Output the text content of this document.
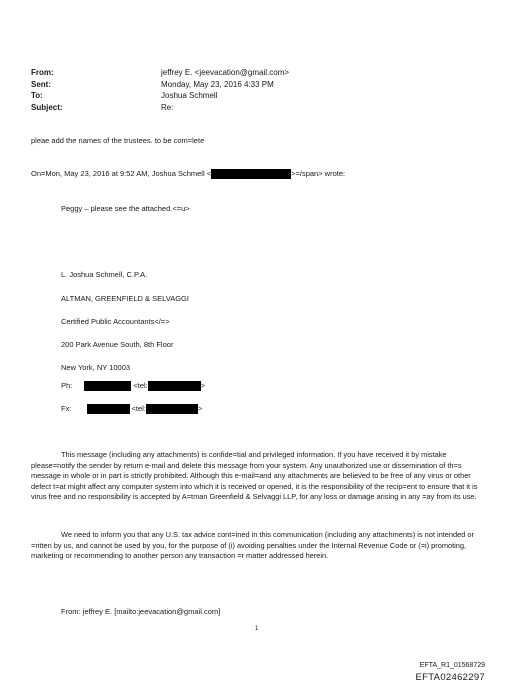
From:	jeffrey E. <jeevacation@gmail.com>
Sent:	Monday, May 23, 2016 4:33 PM
To:	Joshua Schmell
Subject:	Re:
pleae add the names of the trustees. to be com=lete
On=Mon, May 23, 2016 at 9:52 AM, Joshua Schmell <	>=/span> wrote:
Peggy – please see the attached.<=u>
L. Joshua Schmell, C.P.A.
ALTMAN, GREENFIELD & SELVAGGI
Certified Public Accountants</=>
200 Park Avenue South, 8th Floor
New York, NY 10003
Ph:	<tel:	>
Fx:	<tel:	>
This message (including any attachments) is confide=tial and privileged information. If you have received it by mistake please=notify the sender by return e-mail and delete this message from your system. Any unauthorized use or dissemination of th=s message in whole or in part is strictly prohibited. Although this e-mail=and any attachments are believed to be free of any virus or other defect t=at might affect any computer system into which it is received or opened, it is the responsibility of the recip=ent to ensure that it is virus free and no responsibility is accepted by A=tman Greenfield & Selvaggi LLP, for any loss or damage arising in any =ay from its use.
We need to inform you that any U.S. tax advice cont=ined in this communication (including any attachments) is not intended or =ritten by us, and cannot be used by you, for the purpose of (i) avoiding penalties under the Internal Revenue Code or (=i) promoting, marketing or recommending to another person any transaction =r matter addressed herein.
From: jeffrey E. [mailto:jeevacation@gmail.com]
1
EFTA_R1_01568729
EFTA02462297
